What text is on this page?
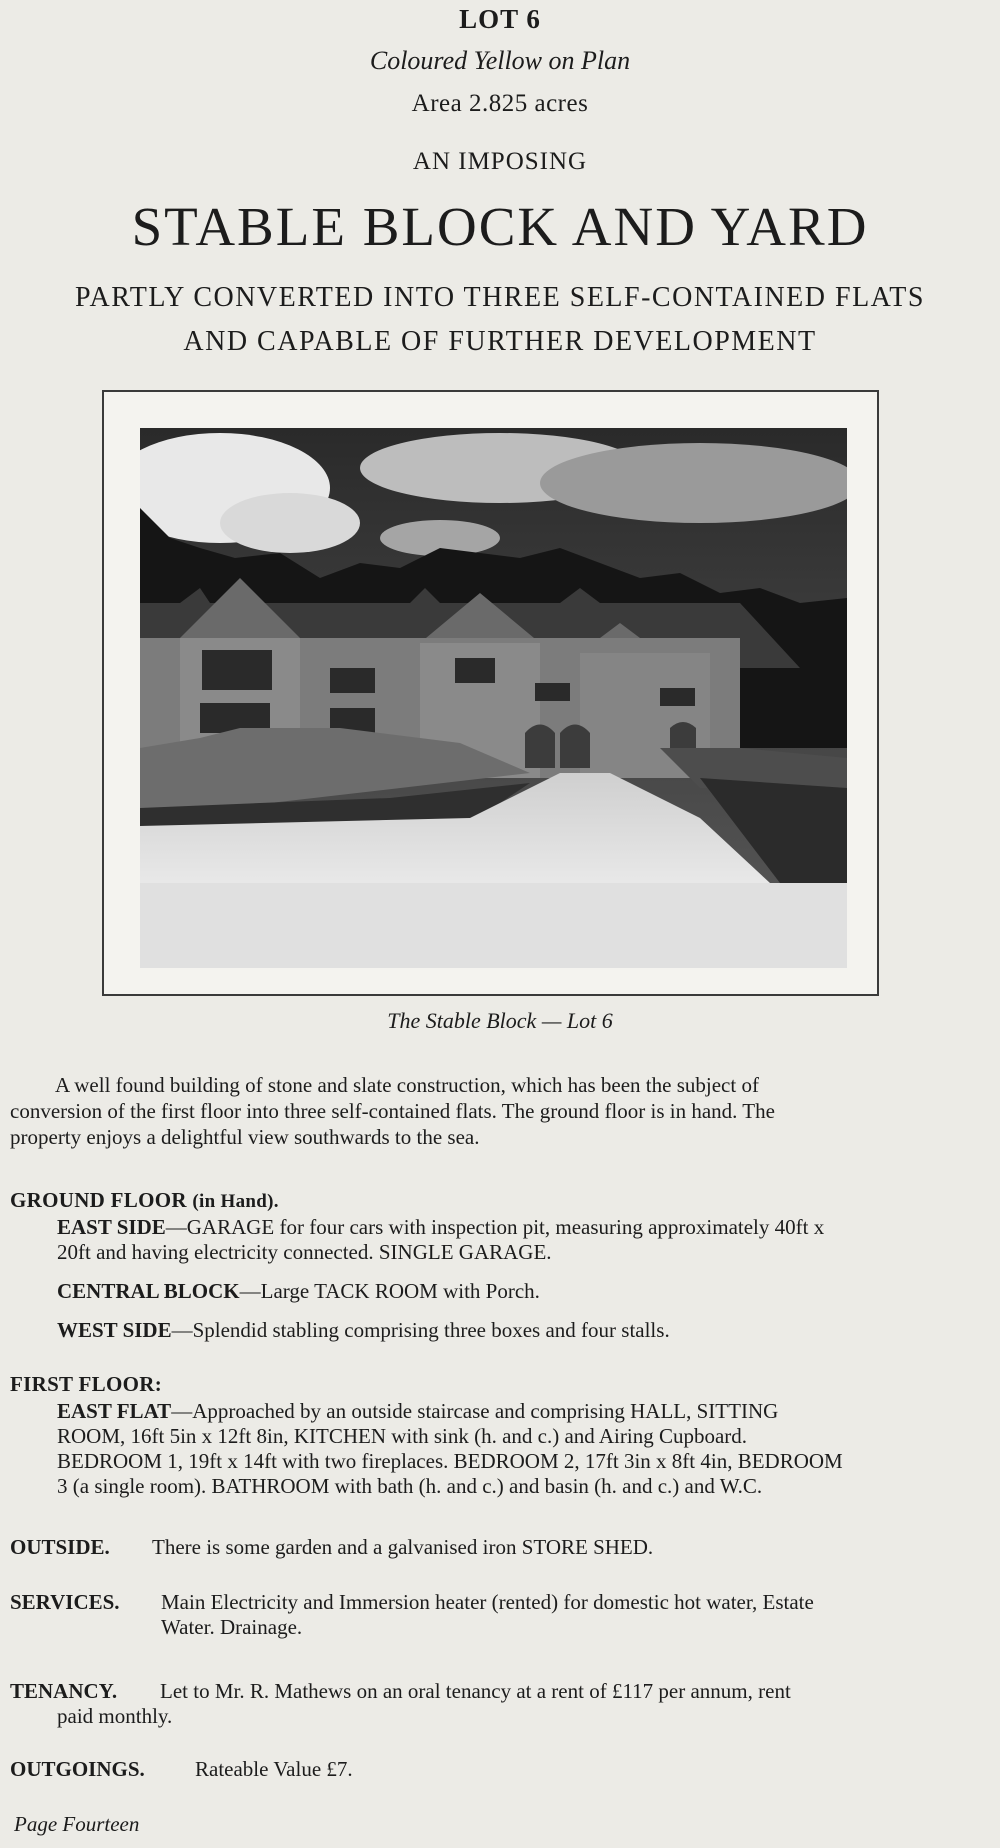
LOT 6
Coloured Yellow on Plan
Area 2.825 acres
AN IMPOSING
STABLE BLOCK AND YARD
PARTLY CONVERTED INTO THREE SELF-CONTAINED FLATS
AND CAPABLE OF FURTHER DEVELOPMENT
The Stable Block — Lot 6
A well found building of stone and slate construction, which has been the subject of
conversion of the first floor into three self-contained flats. The ground floor is in hand. The
property enjoys a delightful view southwards to the sea.
GROUND FLOOR (in Hand).
EAST SIDE—GARAGE for four cars with inspection pit, measuring approximately 40ft x
20ft and having electricity connected. SINGLE GARAGE.
CENTRAL BLOCK—Large TACK ROOM with Porch.
WEST SIDE—Splendid stabling comprising three boxes and four stalls.
FIRST FLOOR:
EAST FLAT—Approached by an outside staircase and comprising HALL, SITTING
ROOM, 16ft 5in x 12ft 8in, KITCHEN with sink (h. and c.) and Airing Cupboard.
BEDROOM 1, 19ft x 14ft with two fireplaces. BEDROOM 2, 17ft 3in x 8ft 4in, BEDROOM
3 (a single room). BATHROOM with bath (h. and c.) and basin (h. and c.) and W.C.
OUTSIDE. There is some garden and a galvanised iron STORE SHED.
SERVICES. Main Electricity and Immersion heater (rented) for domestic hot water, Estate
Water. Drainage.
TENANCY. Let to Mr. R. Mathews on an oral tenancy at a rent of £117 per annum, rent
paid monthly.
OUTGOINGS. Rateable Value £7.
Page Fourteen
